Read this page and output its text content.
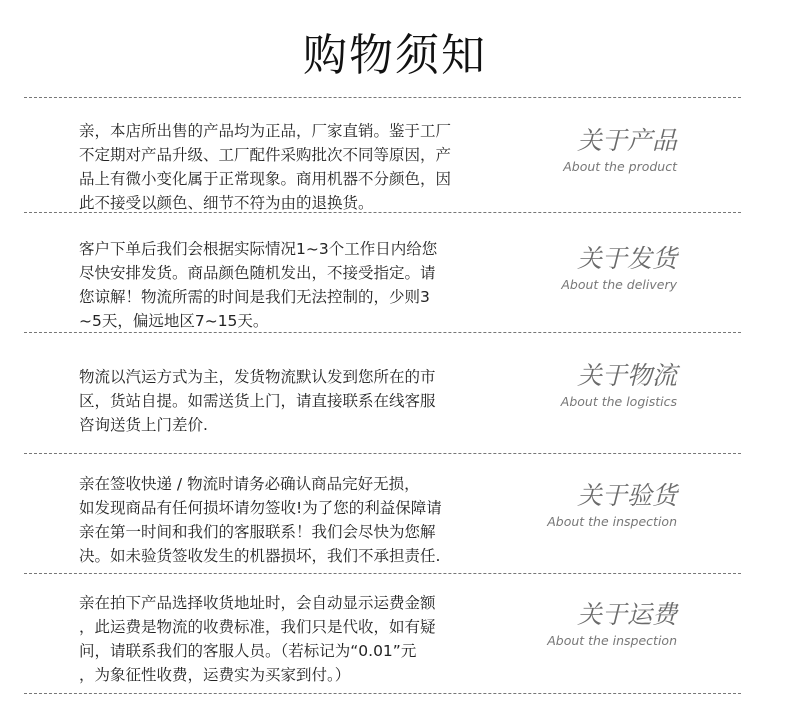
购物须知
亲，本店所出售的产品均为正品，厂家直销。鉴于工厂
不定期对产品升级、工厂配件采购批次不同等原因，产
品上有微小变化属于正常现象。商用机器不分颜色，因
此不接受以颜色、细节不符为由的退换货。
关于产品
About the product
客户下单后我们会根据实际情况1~3个工作日内给您
尽快安排发货。商品颜色随机发出，不接受指定。请
您谅解！物流所需的时间是我们无法控制的，少则3
~5天，偏远地区7~15天。
关于发货
About the delivery
物流以汽运方式为主，发货物流默认发到您所在的市
区，货站自提。如需送货上门，请直接联系在线客服
咨询送货上门差价.
关于物流
About the logistics
亲在签收快递 / 物流时请务必确认商品完好无损，
如发现商品有任何损坏请勿签收!为了您的利益保障请
亲在第一时间和我们的客服联系！我们会尽快为您解
决。如未验货签收发生的机器损坏，我们不承担责任.
关于验货
About the inspection
亲在拍下产品选择收货地址时，会自动显示运费金额
，此运费是物流的收费标准，我们只是代收，如有疑
问，请联系我们的客服人员。（若标记为“0.01”元
，为象征性收费，运费实为买家到付。）
关于运费
About the inspection
